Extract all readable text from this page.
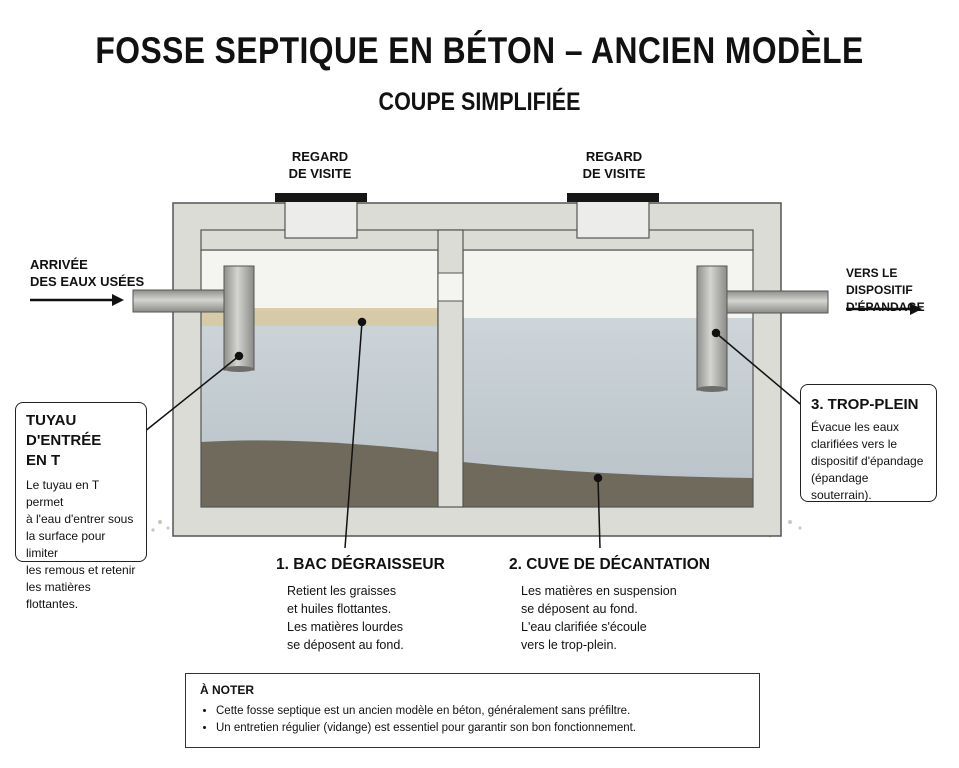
FOSSE SEPTIQUE EN BÉTON – ANCIEN MODÈLE
COUPE SIMPLIFIÉE
REGARD
DE VISITE
REGARD
DE VISITE
ARRIVÉE
DES EAUX USÉES
VERS LE DISPOSITIF
D'ÉPANDAGE
TUYAU D'ENTRÉE
EN T

Le tuyau en T permet
à l'eau d'entrer sous
la surface pour limiter
les remous et retenir
les matières flottantes.

3. TROP-PLEIN

Évacue les eaux
clarifiées vers le
dispositif d'épandage
(épandage souterrain).

1. BAC DÉGRAISSEUR
Retient les graisses
et huiles flottantes.
Les matières lourdes
se déposent au fond.
2. CUVE DE DÉCANTATION
Les matières en suspension
se déposent au fond.
L'eau clarifiée s'écoule
vers le trop-plein.
À NOTER
• Cette fosse septique est un ancien modèle en béton, généralement sans préfiltre.
• Un entretien régulier (vidange) est essentiel pour garantir son bon fonctionnement.
